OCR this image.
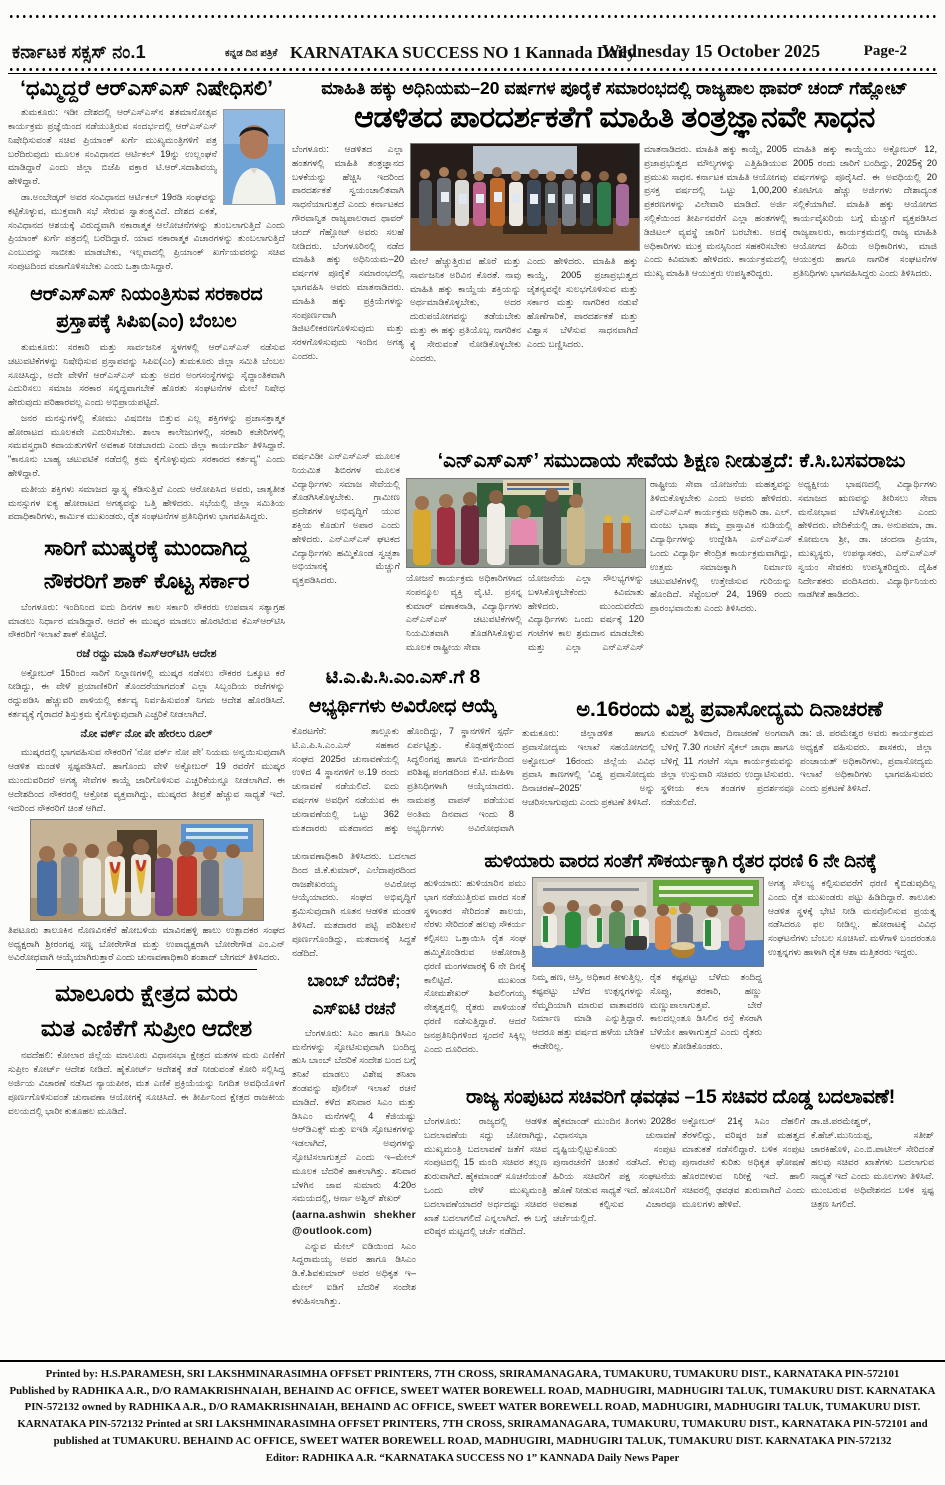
ಕರ್ನಾಟಕ ಸಕ್ಸಸ್ ನಂ.1	ಕನ್ನಡ ದಿನ ಪತ್ರಿಕೆ KARNATAKA SUCCESS NO 1 Kannada Daily
Wednesday 15 October 2025	Page-2
‘ಧಮ್ಮಿದ್ದರೆ ಆರ್‌ಎಸ್‌ಎಸ್ ನಿಷೇಧಿಸಲಿ’

ತುಮಕೂರು: ಇಡೀ ದೇಶದಲ್ಲಿ ಆರ್‌ಎಸ್‌ಎಸ್‌ನ ಶತಮಾನೋತ್ಸವ ಕಾರ್ಯಕ್ರಮ ಪ್ರಜ್ಞೆಯಿಂದ ನಡೆಯುತ್ತಿರುವ ಸಂದರ್ಭದಲ್ಲಿ ಆರ್‌ಎಸ್‌ಎಸ್ ನಿಷೇಧಿಸುವಂತೆ ಸಚಿವ ಪ್ರಿಯಾಂಕ್ ಖರ್ಗೆ ಮುಖ್ಯಮಂತ್ರಿಗಳಿಗೆ ಪತ್ರ ಬರೆದಿರುವುದು ಮೂಲಕ ಸಂವಿಧಾನದ ಆರ್ಟಿಕಲ್ 19ನ್ನು ಉಲ್ಲಂಘನೆ ಮಾಡಿದ್ದಾರೆ ಎಂದು ಜಿಲ್ಲಾ ಬಿಜೆಪಿ ವಕ್ತಾರ ಟಿ.ಆರ್.ಸದಾಶಿವಯ್ಯ ಹೇಳಿದ್ದಾರೆ.

ಡಾ.ಅಂಬೇಡ್ಕರ್ ಅವರ ಸಂವಿಧಾನದ ಆರ್ಟಿಕಲ್ 19ರಡಿ ಸಂಘವನ್ನು ಕಟ್ಟಿಕೊಳ್ಳುವ, ಮುಕ್ತವಾಗಿ ಸಭೆ ಸೇರುವ ಸ್ವಾತಂತ್ರ್ಯವಿದೆ. ದೇಶದ ಏಕತೆ, ಸಂವಿಧಾನದ ಆಶಯಕ್ಕೆ ವಿರುದ್ಧವಾಗಿ ನಕಾರಾತ್ಮಕ ಆಲೋಚನೆಗಳನ್ನು ತುಂಬಲಾಗುತ್ತಿದೆ ಎಂದು ಪ್ರಿಯಾಂಕ್ ಖರ್ಗೆ ಪತ್ರದಲ್ಲಿ ಬರೆದಿದ್ದಾರೆ. ಯಾವ ನಕಾರಾತ್ಮಕ ವಿಚಾರಗಳನ್ನು ತುಂಬಲಾಗುತ್ತಿದೆ ಎಂಬುದನ್ನು ಸಾಬೀತು ಮಾಡಬೇಕು, ಇಲ್ಲವಾದಲ್ಲಿ ಪ್ರಿಯಾಂಕ್ ಖರ್ಗೆಯವರನ್ನು ಸಚಿವ ಸಂಪುಟದಿಂದ ವಜಾಗೊಳಿಸಬೇಕು ಎಂದು ಒತ್ತಾಯಿಸಿದ್ದಾರೆ.

ಆರ್‌ಎಸ್‌ಎಸ್ ನಿಯಂತ್ರಿಸುವ ಸರಕಾರದ
ಪ್ರಸ್ತಾಪಕ್ಕೆ ಸಿಪಿಐ(ಎಂ) ಬೆಂಬಲ

ತುಮಕೂರು: ಸರಕಾರಿ ಮತ್ತು ಸಾರ್ವಜನಿಕ ಸ್ಥಳಗಳಲ್ಲಿ ಆರ್‌ಎಸ್‌ಎಸ್ ನಡೆಸುವ ಚಟುವಟಿಕೆಗಳನ್ನು ನಿಷೇಧಿಸುವ ಪ್ರಸ್ತಾಪವನ್ನು ಸಿಪಿಐ(ಎಂ) ತುಮಕೂರು ಜಿಲ್ಲಾ ಸಮಿತಿ ಬೆಂಬಲ ಸೂಚಿಸಿದ್ದು, ಅದೇ ವೇಳೆಗೆ ಆರ್‌ಎಸ್‌ಎಸ್ ಮತ್ತು ಅದರ ಅಂಗಸಂಸ್ಥೆಗಳನ್ನು ಸೈದ್ಧಾಂತಿಕವಾಗಿ ಎದುರಿಸಲು ಸಮಾಜ ಸರಕಾರ ಸನ್ನದ್ಧವಾಗಬೇಕೆ ಹೊರತು ಸಂಘಟನೆಗಳ ಮೇಲೆ ನಿಷೇಧ ಹೇರುವುದು ಪರಿಹಾರವಲ್ಲ ಎಂದು ಅಭಿಪ್ರಾಯಪಟ್ಟಿದೆ.

ಜನರ ಮನಸ್ಸುಗಳಲ್ಲಿ ಕೋಮು ವಿಷಬೀಜ ಬಿತ್ತುವ ಎಲ್ಲ ಶಕ್ತಿಗಳನ್ನು ಪ್ರಜಾಸತ್ತಾತ್ಮಕ ಹೋರಾಟದ ಮೂಲಕವೇ ಎದುರಿಸಬೇಕು. ಶಾಲಾ ಕಾಲೇಜುಗಳಲ್ಲಿ, ಸರಕಾರಿ ಕಚೇರಿಗಳಲ್ಲಿ ಸಮವಸ್ತ್ರಧಾರಿ ಕವಾಯತುಗಳಿಗೆ ಅವಕಾಶ ನೀಡಬಾರದು ಎಂದು ಜಿಲ್ಲಾ ಕಾರ್ಯದರ್ಶಿ ತಿಳಿಸಿದ್ದಾರೆ. "ಕಾನೂನು ಬಾಹ್ಯ ಚಟುವಟಿಕೆ ನಡೆದಲ್ಲಿ ಕ್ರಮ ಕೈಗೊಳ್ಳುವುದು ಸರಕಾರದ ಕರ್ತವ್ಯ" ಎಂದು ಹೇಳಿದ್ದಾರೆ.

ಮತೀಯ ಶಕ್ತಿಗಳು ಸಮಾಜದ ಸ್ವಾಸ್ಥ್ಯ ಕೆಡಿಸುತ್ತಿವೆ ಎಂದು ಆರೋಪಿಸಿದ ಅವರು, ಜಾತ್ಯತೀತ ಮನಸ್ಸುಗಳ ಐಕ್ಯ ಹೋರಾಟದ ಅಗತ್ಯವನ್ನು ಒತ್ತಿ ಹೇಳಿದರು. ಸಭೆಯಲ್ಲಿ ಜಿಲ್ಲಾ ಸಮಿತಿಯ ಪದಾಧಿಕಾರಿಗಳು, ಕಾರ್ಮಿಕ ಮುಖಂಡರು, ರೈತ ಸಂಘಟನೆಗಳ ಪ್ರತಿನಿಧಿಗಳು ಭಾಗವಹಿಸಿದ್ದರು.

ಸಾರಿಗೆ ಮುಷ್ಕರಕ್ಕೆ ಮುಂದಾಗಿದ್ದ
ನೌಕರರಿಗೆ ಶಾಕ್ ಕೊಟ್ಟ ಸರ್ಕಾರ

ಬೆಂಗಳೂರು: ಇಂದಿನಿಂದ ಐದು ದಿನಗಳ ಕಾಲ ಸರ್ಕಾರಿ ನೌಕರರು ಉಪವಾಸ ಸತ್ಯಾಗ್ರಹ ಮಾಡಲು ನಿರ್ಧಾರ ಮಾಡಿದ್ದಾರೆ. ಆದರೆ ಈ ಮುಷ್ಕರ ಮಾಡಲು ಹೊರಟಿರುವ ಕೆಎಸ್‌ಆರ್‌ಟಿಸಿ ನೌಕರರಿಗೆ ಇಲಾಖೆ ಶಾಕ್ ಕೊಟ್ಟಿದೆ.

ರಜೆ ರದ್ದು ಮಾಡಿ ಕೆಎಸ್‌ಆರ್‌ಟಿಸಿ ಆದೇಶ

ಅಕ್ಟೋಬರ್ 15ರಿಂದ ಸಾರಿಗೆ ನಿಲ್ದಾಣಗಳಲ್ಲಿ ಮುಷ್ಕರ ನಡೆಸಲು ನೌಕರರ ಒಕ್ಕೂಟ ಕರೆ ನೀಡಿದ್ದು, ಈ ವೇಳೆ ಪ್ರಯಾಣಿಕರಿಗೆ ತೊಂದರೆಯಾಗದಂತೆ ಎಲ್ಲಾ ಸಿಬ್ಬಂದಿಯ ರಜೆಗಳನ್ನು ರದ್ದುಪಡಿಸಿ ಹೆಚ್ಚುವರಿ ಪಾಳಿಯಲ್ಲಿ ಕರ್ತವ್ಯ ನಿರ್ವಹಿಸುವಂತೆ ನಿಗಮ ಆದೇಶ ಹೊರಡಿಸಿದೆ. ಕರ್ತವ್ಯಕ್ಕೆ ಗೈರಾದರೆ ಶಿಸ್ತುಕ್ರಮ ಕೈಗೊಳ್ಳುವುದಾಗಿ ಎಚ್ಚರಿಕೆ ನೀಡಲಾಗಿದೆ.

ನೋ ವರ್ಕ್ ನೋ ಪೇ ಹೇರಲು ರೂಲ್

ಮುಷ್ಕರದಲ್ಲಿ ಭಾಗವಹಿಸುವ ನೌಕರರಿಗೆ ‘ನೋ ವರ್ಕ್ ನೋ ಪೇ’ ನಿಯಮ ಅನ್ವಯಿಸುವುದಾಗಿ ಆಡಳಿತ ಮಂಡಳಿ ಸ್ಪಷ್ಟಪಡಿಸಿದೆ. ಹಾಗೊಂದು ವೇಳೆ ಅಕ್ಟೋಬರ್ 19 ರವರೆಗೆ ಮುಷ್ಕರ ಮುಂದುವರಿದರೆ ಅಗತ್ಯ ಸೇವೆಗಳ ಕಾಯ್ದೆ ಜಾರಿಗೊಳಿಸುವ ಎಚ್ಚರಿಕೆಯನ್ನೂ ನೀಡಲಾಗಿದೆ. ಈ ಆದೇಶದಿಂದ ನೌಕರರಲ್ಲಿ ಆಕ್ರೋಶ ವ್ಯಕ್ತವಾಗಿದ್ದು, ಮುಷ್ಕರದ ತೀವ್ರತೆ ಹೆಚ್ಚುವ ಸಾಧ್ಯತೆ ಇದೆ. ಇದರಿಂದ ನೌಕರರಿಗೆ ಚಿಂತೆ ಆಗಿದೆ.

ತಿಪಟೂರು ತಾಲೂಕಿನ ನೊಣವಿನಕೆರೆ ಹೋಬಳಿಯ ಮಾವಿನಹಳ್ಳಿ ಹಾಲು ಉತ್ಪಾದಕರ ಸಂಘದ ಅಧ್ಯಕ್ಷರಾಗಿ ಶ್ರೀರಂಗಪ್ಪ ಸಣ್ಣ ಬೋರೇಗೌಡ ಮತ್ತು ಉಪಾಧ್ಯಕ್ಷರಾಗಿ ಬೋರೇಗೌಡ ಎಂ.ಎನ್ ಅವಿರೋಧ‌ವಾಗಿ ಆಯ್ಕೆಯಾಗಿರುತ್ತಾರೆ ಎಂದು ಚುನಾವಣಾಧಿಕಾರಿ ಶಂಶಾದ್ ಬೇಗಮ್ ತಿಳಿಸಿದರು.
ಮಾಲೂರು ಕ್ಷೇತ್ರದ ಮರು
ಮತ ಎಣಿಕೆಗೆ ಸುಪ್ರೀಂ ಆದೇಶ

ನವದೆಹಲಿ: ಕೋಲಾರ ಜಿಲ್ಲೆಯ ಮಾಲೂರು ವಿಧಾನಸಭಾ ಕ್ಷೇತ್ರದ ಮತಗಳ ಮರು ಎಣಿಕೆಗೆ ಸುಪ್ರೀಂ ಕೋರ್ಟ್ ಆದೇಶ ನೀಡಿದೆ. ಹೈಕೋರ್ಟ್ ಆದೇಶಕ್ಕೆ ತಡೆ ನೀಡುವಂತೆ ಕೋರಿ ಸಲ್ಲಿಸಿದ್ದ ಅರ್ಜಿಯ ವಿಚಾರಣೆ ನಡೆಸಿದ ನ್ಯಾಯಪೀಠ, ಮತ ಎಣಿಕೆ ಪ್ರಕ್ರಿಯೆಯನ್ನು ನಿಗದಿತ ಅವಧಿಯೊಳಗೆ ಪೂರ್ಣಗೊಳಿಸುವಂತೆ ಚುನಾವಣಾ ಆಯೋಗಕ್ಕೆ ಸೂಚಿಸಿದೆ. ಈ ತೀರ್ಪಿನಿಂದ ಕ್ಷೇತ್ರದ ರಾಜಕೀಯ ವಲಯದಲ್ಲಿ ಭಾರೀ ಕುತೂಹಲ ಮೂಡಿದೆ.

ಮಾಹಿತಿ ಹಕ್ಕು ಅಧಿನಿಯಮ–20 ವರ್ಷಗಳ ಪೂರೈಕೆ ಸಮಾರಂಭದಲ್ಲಿ ರಾಜ್ಯಪಾಲ ಥಾವರ್ ಚಂದ್ ಗೆಹ್ಲೋಟ್
ಆಡಳಿತದ ಪಾರದರ್ಶಕತೆಗೆ ಮಾಹಿತಿ ತಂತ್ರಜ್ಞಾನವೇ ಸಾಧನ
ಬೆಂಗಳೂರು: ಆಡಳಿತದ ಎಲ್ಲಾ ಹಂತಗಳಲ್ಲಿ ಮಾಹಿತಿ ತಂತ್ರಜ್ಞಾನದ ಬಳಕೆಯನ್ನು ಹೆಚ್ಚಿಸಿ ಇದರಿಂದ ಪಾರದರ್ಶಕತೆ ಸ್ವಯಂಚಾಲಿತವಾಗಿ ಸಾಧನೆಯಾಗುತ್ತದೆ ಎಂದು ಕರ್ನಾಟಕದ ಗೌರವಾನ್ವಿತ ರಾಜ್ಯಪಾಲರಾದ ಥಾವರ್ ಚಂದ್ ಗೆಹ್ಲೋಟ್ ಅವರು ಸಲಹೆ ನೀಡಿದರು. ಬೆಂಗಳೂರಿನಲ್ಲಿ ನಡೆದ ಮಾಹಿತಿ ಹಕ್ಕು ಅಧಿನಿಯಮ–20 ವರ್ಷಗಳ ಪೂರೈಕೆ ಸಮಾರಂಭದಲ್ಲಿ ಭಾಗವಹಿಸಿ ಅವರು ಮಾತನಾಡಿದರು. ಮಾಹಿತಿ ಹಕ್ಕು ಪ್ರಕ್ರಿಯೆಗಳನ್ನು ಸಂಪೂರ್ಣವಾಗಿ ಡಿಜಿಟಲೀಕರಣಗೊಳಿಸುವುದು ಮತ್ತು ಸರಳಗೊಳಿಸುವುದು ಇಂದಿನ ಅಗತ್ಯ ಎಂದರು.
ಮೇಲೆ ಹೆಚ್ಚುತ್ತಿರುವ ಹೊರೆ ಮತ್ತು ಸಾರ್ವಜನಿಕ ಅರಿವಿನ ಕೊರತೆ. ನಾವು ಮಾಹಿತಿ ಹಕ್ಕು ಕಾಯ್ದೆಯ ಶಕ್ತಿಯನ್ನು ಅರ್ಥಮಾಡಿಕೊಳ್ಳಬೇಕು, ಅದರ ದುರುಪಯೋಗವನ್ನು ತಡೆಯಬೇಕು ಮತ್ತು ಈ ಹಕ್ಕು ಪ್ರತಿಯೊಬ್ಬ ನಾಗರಿಕನ ಕೈ ಸೇರುವಂತೆ ನೋಡಿಕೊಳ್ಳಬೇಕು ಎಂದರು.
ಎಂದು ಹೇಳಿದರು. ಮಾಹಿತಿ ಹಕ್ಕು ಕಾಯ್ದೆ, 2005 ಪ್ರಜಾಪ್ರಭುತ್ವದ ಚೈತನ್ಯವನ್ನೇ ಸುಲಭಗೊಳಿಸುವ ಮತ್ತು ಸರ್ಕಾರ ಮತ್ತು ನಾಗರಿಕರ ನಡುವೆ ಹೊಣೆಗಾರಿಕೆ, ಪಾರದರ್ಶಕತೆ ಮತ್ತು ವಿಶ್ವಾಸ ಬೆಳೆಸುವ ಸಾಧನವಾಗಿದೆ ಎಂದು ಬಣ್ಣಿಸಿದರು.
ಮಾತನಾಡಿದರು. ಮಾಹಿತಿ ಹಕ್ಕು ಕಾಯ್ದೆ, 2005 ಪ್ರಜಾಪ್ರಭುತ್ವದ ಮೌಲ್ಯಗಳನ್ನು ಎತ್ತಿಹಿಡಿಯುವ ಪ್ರಮುಖ ಸಾಧನ. ಕರ್ನಾಟಕ ಮಾಹಿತಿ ಆಯೋಗವು ಪ್ರಸಕ್ತ ವರ್ಷದಲ್ಲಿ ಒಟ್ಟು 1,00,200 ಪ್ರಕರಣಗಳನ್ನು ವಿಲೇವಾರಿ ಮಾಡಿದೆ. ಅರ್ಜಿ ಸಲ್ಲಿಕೆಯಿಂದ ತೀರ್ಪಿನವರೆಗೆ ಎಲ್ಲಾ ಹಂತಗಳಲ್ಲಿ ಡಿಜಿಟಲ್ ವ್ಯವಸ್ಥೆ ಜಾರಿಗೆ ಬರಬೇಕು. ಅದಕ್ಕೆ ಅಧಿಕಾರಿಗಳು ಮುಕ್ತ ಮನಸ್ಸಿನಿಂದ ಸಹಕರಿಸಬೇಕು ಎಂದು ಕಿವಿಮಾತು ಹೇಳಿದರು. ಕಾರ್ಯಕ್ರಮದಲ್ಲಿ ಮುಖ್ಯ ಮಾಹಿತಿ ಆಯುಕ್ತರು ಉಪಸ್ಥಿತರಿದ್ದರು.
ಮಾಹಿತಿ ಹಕ್ಕು ಕಾಯ್ದೆಯು ಅಕ್ಟೋಬರ್ 12, 2005 ರಂದು ಜಾರಿಗೆ ಬಂದಿದ್ದು, 2025ಕ್ಕೆ 20 ವರ್ಷಗಳನ್ನು ಪೂರೈಸಿದೆ. ಈ ಅವಧಿಯಲ್ಲಿ 20 ಕೋಟಿಗೂ ಹೆಚ್ಚು ಅರ್ಜಿಗಳು ದೇಶಾದ್ಯಂತ ಸಲ್ಲಿಕೆಯಾಗಿವೆ. ಮಾಹಿತಿ ಹಕ್ಕು ಆಯೋಗದ ಕಾರ್ಯವೈಖರಿಯ ಬಗ್ಗೆ ಮೆಚ್ಚುಗೆ ವ್ಯಕ್ತಪಡಿಸಿದ ರಾಜ್ಯಪಾಲರು, ಕಾರ್ಯಕ್ರಮದಲ್ಲಿ ರಾಜ್ಯ ಮಾಹಿತಿ ಆಯೋಗದ ಹಿರಿಯ ಅಧಿಕಾರಿಗಳು, ಮಾಜಿ ಆಯುಕ್ತರು ಹಾಗೂ ನಾಗರಿಕ ಸಂಘಟನೆಗಳ ಪ್ರತಿನಿಧಿಗಳು ಭಾಗವಹಿಸಿದ್ದರು ಎಂದು ತಿಳಿಸಿದರು.
ವರ್ಷವಿಡೀ ಎನ್‌ಎಸ್‌ಎಸ್ ಮೂಲಕ ನಿಯಮಿತ ಶಿಬಿರಗಳ ಮೂಲಕ ವಿದ್ಯಾರ್ಥಿಗಳು ಸಮಾಜ ಸೇವೆಯಲ್ಲಿ ತೊಡಗಿಸಿಕೊಳ್ಳಬೇಕು. ಗ್ರಾಮೀಣ ಪ್ರದೇಶಗಳ ಅಭಿವೃದ್ಧಿಗೆ ಯುವ ಶಕ್ತಿಯ ಕೊಡುಗೆ ಅಪಾರ ಎಂದು ಹೇಳಿದರು. ಎನ್‌ಎಸ್‌ಎಸ್ ಘಟಕದ ವಿದ್ಯಾರ್ಥಿಗಳು ಹಮ್ಮಿಕೊಂಡ ಸ್ವಚ್ಛತಾ ಅಭಿಯಾನಕ್ಕೆ ಮೆಚ್ಚುಗೆ ವ್ಯಕ್ತಪಡಿಸಿದರು.
‘ಎನ್‌ಎಸ್‌ಎಸ್’ ಸಮುದಾಯ ಸೇವೆಯ ಶಿಕ್ಷಣ ನೀಡುತ್ತದೆ: ಕೆ.ಸಿ.ಬಸವರಾಜು
ಯೋಜನೆ ಕಾರ್ಯಕ್ರಮ ಅಧಿಕಾರಿಗಳಾದ ಸಂಪನ್ಮೂಲ ವ್ಯಕ್ತಿ ವೈ.ಟಿ. ಪ್ರಸನ್ನ ಕುಮಾರ್ ವಣಾಕನಾಡಿ, ವಿದ್ಯಾರ್ಥಿಗಳು ಎನ್‌ಎಸ್‌ಎಸ್ ಚಟುವಟಿಕೆಗಳಲ್ಲಿ ನಿಯಮಿತವಾಗಿ ತೊಡಗಿಸಿಕೊಳ್ಳುವ ಮೂಲಕ ರಾಷ್ಟ್ರೀಯ ಸೇವಾ
ಯೋಜನೆಯ ಎಲ್ಲಾ ಸೌಲಭ್ಯಗಳನ್ನು ಬಳಸಿಕೊಳ್ಳಬೇಕೆಂದು ಕಿವಿಮಾತು ಹೇಳಿದರು. ಮುಂದುವರೆದು ವಿದ್ಯಾರ್ಥಿಗಳು ಒಂದು ವರ್ಷಕ್ಕೆ 120 ಗಂಟೆಗಳ ಕಾಲ ಶ್ರಮದಾನ ಮಾಡಬೇಕು ಮತ್ತು ಎಲ್ಲಾ ಎನ್‌ಎಸ್‌ಎಸ್
ರಾಷ್ಟ್ರೀಯ ಸೇವಾ ಯೋಜನೆಯ ಮಹತ್ವವನ್ನು ತಿಳಿದುಕೊಳ್ಳಬೇಕು ಎಂದು ಅವರು ಹೇಳಿದರು. ಎನ್‌ಎಸ್‌ಎಸ್ ಕಾರ್ಯಕ್ರಮ ಅಧಿಕಾರಿ ಡಾ. ಎಲ್. ಮಂಜು ಭಾಷಾ ತಮ್ಮ ಪ್ರಾಸ್ತಾವಿಕ ನುಡಿಯಲ್ಲಿ ವಿದ್ಯಾರ್ಥಿಗಳನ್ನು ಉದ್ದೇಶಿಸಿ ಎನ್‌ಎಸ್‌ಎಸ್ ಒಂದು ವಿದ್ಯಾರ್ಥಿ ಕೇಂದ್ರಿತ ಕಾರ್ಯಕ್ರಮವಾಗಿದ್ದು, ಉತ್ತಮ ಸಮಾಜಕ್ಕಾಗಿ ನಿರ್ಮಾಣ ಚಟುವಟಿಕೆಗಳಲ್ಲಿ ಉತ್ತೇಜಿಸುವ ಗುರಿಯನ್ನು ಹೊಂದಿದೆ. ಸೆಪ್ಟೆಂಬರ್ 24, 1969 ರಂದು ಪ್ರಾರಂಭವಾಯಿತು ಎಂದು ತಿಳಿಸಿದರು.
ಅಧ್ಯಕ್ಷೀಯ ಭಾಷಣದಲ್ಲಿ ವಿದ್ಯಾರ್ಥಿಗಳು ಸಮಾಜದ ಋಣವನ್ನು ತೀರಿಸಲು ಸೇವಾ ಮನೋಭಾವ ಬೆಳೆಸಿಕೊಳ್ಳಬೇಕು ಎಂದು ಹೇಳಿದರು. ವೇದಿಕೆಯಲ್ಲಿ ಡಾ. ಅನುಪಮಾ, ಡಾ. ಕೋಮಲಾ ಶ್ರೀ, ಡಾ. ಚಂದನಾ ಪ್ರಿಯಾ, ಮುಖ್ಯಸ್ಥರು, ಉಪನ್ಯಾಸಕರು, ಎನ್‌ಎಸ್‌ಎಸ್ ಸ್ವಯಂ ಸೇವಕರು ಉಪಸ್ಥಿತರಿದ್ದರು. ದೈಹಿಕ ನಿರ್ದೇಶಕರು ವಂದಿಸಿದರು. ವಿದ್ಯಾರ್ಥಿನಿಯರು ನಾಡಗೀತೆ ಹಾಡಿದರು.
ಟಿ.ಎ.ಪಿ.ಸಿ.ಎಂ.ಎಸ್.ಗೆ 8
ಆಭ್ಯರ್ಥಿಗಳು ಅವಿರೋಧ ಆಯ್ಕೆ
ಕೊರಟಗೆರೆ: ತಾಲ್ಲೂಕು ಟಿ.ಎ.ಪಿ.ಸಿ.ಎಂ.ಎಸ್ ಸಹಕಾರ ಸಂಘದ 2025ರ ಚುನಾವಣೆಯಲ್ಲಿ ಉಳಿದ 4 ಸ್ಥಾನಗಳಿಗೆ ಅ.19 ರಂದು ಚುನಾವಣೆ ನಡೆಯಲಿದೆ. ಐದು ವರ್ಷಗಳ ಅವಧಿಗೆ ನಡೆಯುವ ಈ ಚುನಾವಣೆಯಲ್ಲಿ ಒಟ್ಟು 362 ಮತದಾರರು ಮತದಾನದ ಹಕ್ಕು ಹೊಂದಿದ್ದು, 7 ಸ್ಥಾನಗಳಿಗೆ ಸ್ಪರ್ಧೆ ಏರ್ಪಟ್ಟಿತ್ತು. ಕೊಡ್ಲಹಳ್ಳಿಯಿಂದ ಸಿದ್ಧಲಿಂಗಪ್ಪ ಹಾಗೂ ಬಿ-ವರ್ಗದಿಂದ ಪರಿಶಿಷ್ಟ ಪಂಗಡದಿಂದ ಕೆ.ಟಿ. ಮಹಿಳಾ ಪ್ರತಿನಿಧಿಗಳಾಗಿ ಆಯ್ಕೆಯಾದರು. ನಾಮಪತ್ರ ವಾಪಸ್ ಪಡೆಯುವ ಅಂತಿಮ ದಿನವಾದ ಇಂದು 8 ಅಭ್ಯರ್ಥಿಗಳು ಅವಿರೋಧವಾಗಿ
ಅ.16ರಂದು ವಿಶ್ವ ಪ್ರವಾಸೋದ್ಯಮ ದಿನಾಚರಣೆ
ತುಮಕೂರು: ಜಿಲ್ಲಾಡಳಿತ ಹಾಗೂ ಪ್ರವಾಸೋದ್ಯಮ ಇಲಾಖೆ ಸಹಯೋಗದಲ್ಲಿ ಅಕ್ಟೋಬರ್ 16ರಂದು ಜಿಲ್ಲೆಯ ವಿವಿಧ ಪ್ರವಾಸಿ ತಾಣಗಳಲ್ಲಿ ‘ವಿಶ್ವ ಪ್ರವಾಸೋದ್ಯಮ ದಿನಾಚರಣೆ–2025’ ಅನ್ನು ಆಚರಿಸಲಾಗುವುದು ಎಂದು ಪ್ರಕಟಣೆ ತಿಳಿಸಿದೆ.
ಕುಮಾರ್ ಶಿಳಿದಾರೆ, ದಿನಾಚರಣೆ ಅಂಗವಾಗಿ ಬೆಳಿಗ್ಗೆ 7.30 ಗಂಟೆಗೆ ಸೈಕಲ್ ಜಾಥಾ ಹಾಗೂ ಬೆಳಿಗ್ಗೆ 11 ಗಂಟೆಗೆ ಸಭಾ ಕಾರ್ಯಕ್ರಮವನ್ನು ಜಿಲ್ಲಾ ಉಸ್ತುವಾರಿ ಸಚಿವರು ಉದ್ಘಾಟಿಸುವರು. ಸ್ಥಳೀಯ ಕಲಾ ತಂಡಗಳ ಪ್ರದರ್ಶನವೂ ನಡೆಯಲಿದೆ.
ಡಾ: ಜಿ. ಪರಮೇಶ್ವರ ಅವರು ಕಾರ್ಯಕ್ರಮದ ಅಧ್ಯಕ್ಷತೆ ವಹಿಸುವರು. ಶಾಸಕರು, ಜಿಲ್ಲಾ ಪಂಚಾಯತ್ ಅಧಿಕಾರಿಗಳು, ಪ್ರವಾಸೋದ್ಯಮ ಇಲಾಖೆ ಅಧಿಕಾರಿಗಳು ಭಾಗವಹಿಸುವರು ಎಂದು ಪ್ರಕಟಣೆ ತಿಳಿಸಿದೆ.
ಚುನಾವಣಾಧಿಕಾರಿ ತಿಳಿಸಿದರು. ಬದಲಾದ ದಿಂದ ಜಿ.ಕೆ.ಕುಮಾರ್, ಎಲೆದಾಪುರದಿಂದ ರಾಜಶೇಖರಯ್ಯ ಅವಿರೋಧ ಆಯ್ಕೆಯಾದರು. ಸಂಘದ ಅಭಿವೃದ್ಧಿಗೆ ಶ್ರಮಿಸುವುದಾಗಿ ನೂತನ ಆಡಳಿತ ಮಂಡಳಿ ತಿಳಿಸಿದೆ. ಮತದಾರರ ಪಟ್ಟಿ ಪರಿಶೀಲನೆ ಪೂರ್ಣಗೊಂಡಿದ್ದು, ಮತದಾನಕ್ಕೆ ಸಿದ್ಧತೆ ನಡೆದಿದೆ.
ಬಾಂಬ್ ಬೆದರಿಕೆ;
ಎಸ್‌ಐಟಿ ರಚನೆ

ಬೆಂಗಳೂರು: ಸಿಎಂ ಹಾಗೂ ಡಿಸಿಎಂ ಮನೆಗಳನ್ನು ಸ್ಫೋಟಿಸುವುದಾಗಿ ಬಂದಿದ್ದ ಹುಸಿ ಬಾಂಬ್ ಬೆದರಿಕೆ ಸಂದೇಶ ಬಂದ ಬಗ್ಗೆ ತನಿಖೆ ಮಾಡಲು ವಿಶೇಷ ತನಿಖಾ ತಂಡವನ್ನು ಪೊಲೀಸ್ ಇಲಾಖೆ ರಚನೆ ಮಾಡಿದೆ. ಕಳೆದ ಶನಿವಾರ ಸಿಎಂ ಮತ್ತು ಡಿಸಿಎಂ ಮನೆಗಳಲ್ಲಿ 4 ಕೆಜಿಯಷ್ಟು ಆರ್‌ಡಿಎಕ್ಸ್ ಮತ್ತು ಐಇಡಿ ಸ್ಫೋಟಕಗಳನ್ನು ಇಡಲಾಗಿದೆ, ಅವುಗಳನ್ನು ಸ್ಫೋಟಿಸಲಾಗುತ್ತದೆ ಎಂದು ಇ–ಮೇಲ್ ಮೂಲಕ ಬೆದರಿಕೆ ಹಾಕಲಾಗಿತ್ತು. ಶನಿವಾರ ಬೆಳಗಿನ ಜಾವ ಸುಮಾರು 4:20ರ ಸಮಯದಲ್ಲಿ, ಆರ್ನಾ ಅಶ್ವಿನ್ ಶೇಖರ್

(aarna.ashwin shekher@outlook.com)

ಎನ್ನುವ ಮೇಲ್ ಐಡಿಯಿಂದ ಸಿಎಂ ಸಿದ್ದರಾಮಯ್ಯ ಅವರ ಹಾಗೂ ಡಿಸಿಎಂ ಡಿ.ಕೆ.ಶಿವಕುಮಾರ್ ಅವರ ಅಧಿಕೃತ ಇ–ಮೇಲ್ ಐಡಿಗೆ ಬೆದರಿಕೆ ಸಂದೇಶ ಕಳುಹಿಸಲಾಗಿತ್ತು.

ಹುಳಿಯಾರು ವಾರದ ಸಂತೆಗೆ ಸೌಕರ್ಯಕ್ಕಾಗಿ ರೈತರ ಧರಣಿ 6 ನೇ ದಿನಕ್ಕೆ
ಹುಳಿಯಾರು: ಹುಳಿಯಾರಿನ ಪಮು ಭಾಗ ನಡೆಯುತ್ತಿರುವ ವಾರದ ಸಂತೆ ಸ್ಥಳಾಂತರ ಸೇರಿದಂತೆ ಶಾಲಯ, ನೆರಳು ಸೇರಿದಂತೆ ಹಲವು ಸೌಕರ್ಯ ಕಲ್ಪಿಸಲು ಒತ್ತಾಯಿಸಿ ರೈತ ಸಂಘ ಹಮ್ಮಿಕೊಂಡಿರುವ ಅಹೋರಾತ್ರಿ ಧರಣಿ ಮಂಗಳವಾರಕ್ಕೆ 6 ನೇ ದಿನಕ್ಕೆ ಕಾಲಿಟ್ಟಿದೆ. ಮುಖಂಡ ಸೋಮಶೇಖರ್ ಶಿವಲಿಂಗಯ್ಯ ನೇತೃತ್ವದಲ್ಲಿ ರೈತರು ಪಾಳಿಯಂತೆ ಧರಣಿ ನಡೆಸುತ್ತಿದ್ದಾರೆ. ಆದರೆ ಜನಪ್ರತಿನಿಧಿಗಳಿಂದ ಸ್ಪಂದನೆ ಸಿಕ್ಕಿಲ್ಲ ಎಂದು ದೂರಿದರು.
ನಿಮ್ಮ ಹಣ, ಆಸ್ತಿ, ಅಧಿಕಾರ ಕೀಳುತ್ತಿಲ್ಲ. ಕಷ್ಟಪಟ್ಟು ಬೆಳೆದ ಉತ್ಪನ್ನಗಳನ್ನು ನೆಮ್ಮದಿಯಾಗಿ ಮಾರುವ ವಾತಾವರಣ ನಿರ್ಮಾಣ ಮಾಡಿ ಎನ್ನುತ್ತಿದ್ದಾರೆ. ಆದರೂ ಹತ್ತು ವರ್ಷದ ಹಳೆಯ ಬೇಡಿಕೆ ಈಡೇರಿಲ್ಲ.
ರೈತ ಕಷ್ಟಪಟ್ಟು ಬೆಳೆದು ತಂದಿದ್ದ ಸೊಪ್ಪು, ತರಕಾರಿ, ಹಣ್ಣು ಮಣ್ಣುಪಾಲಾಗುತ್ತವೆ. ಬೇರೆ ಕಾಲದಲ್ಲಂತೂ ಡಿಸಿಲಿನ ರಸ್ತೆ ಕೆಸರಾಗಿ ಬೆಳೆಯೇ ಹಾಳಾಗುತ್ತದೆ ಎಂದು ರೈತರು ಅಳಲು ತೋಡಿಕೊಂಡರು.
ಅಗತ್ಯ ಸೌಲಭ್ಯ ಕಲ್ಪಿಸುವವರೆಗೆ ಧರಣಿ ಕೈಬಿಡುವುದಿಲ್ಲ ಎಂದು ರೈತ ಮುಖಂಡರು ಪಟ್ಟು ಹಿಡಿದಿದ್ದಾರೆ. ತಾಲೂಕು ಆಡಳಿತ ಸ್ಥಳಕ್ಕೆ ಭೇಟಿ ನೀಡಿ ಮನವೊಲಿಸುವ ಪ್ರಯತ್ನ ನಡೆಸಿದರೂ ಫಲ ನೀಡಿಲ್ಲ. ಹೋರಾಟಕ್ಕೆ ವಿವಿಧ ಸಂಘಟನೆಗಳು ಬೆಂಬಲ ಸೂಚಿಸಿವೆ. ಮಳೆಗಾಳಿ ಬಂದರಂತೂ ಉತ್ಪನ್ನಗಳು ಹಾಳಾಗಿ ರೈತ ಆಶಾ ಮತ್ತಿತರರು ಇದ್ದರು.
ರಾಜ್ಯ ಸಂಪುಟದ ಸಚಿವರಿಗೆ ಢವಢವ –15 ಸಚಿವರ ದೊಡ್ಡ ಬದಲಾವಣೆ!
ಬೆಂಗಳೂರು: ರಾಜ್ಯದಲ್ಲಿ ಆಡಳಿತ ಬದಲಾವಣೆಯ ಸದ್ದು ಜೋರಾಗಿದ್ದು, ಮುಖ್ಯಮಂತ್ರಿ ಬದಲಾವಣೆ ಜತೆಗೆ ಸಚಿವ ಸಂಪುಟದಲ್ಲಿ 15 ಮಂದಿ ಸಚಿವರ ತಲ್ಲಣ ಶುರುವಾಗಿದೆ. ಹೈಕಮಾಂಡ್ ಸೂಚನೆಯಂತೆ ಒಂದು ವೇಳೆ ಮುಖ್ಯಮಂತ್ರಿ ಬದಲಾವಣೆಯಾದರೆ ಅರ್ಧದಷ್ಟು ಸಚಿವರ ಖಾತೆ ಬದಲಾಗಲಿದೆ ಎನ್ನಲಾಗಿದೆ. ಈ ಬಗ್ಗೆ ವರಿಷ್ಠರ ಮಟ್ಟದಲ್ಲಿ ಚರ್ಚೆ ನಡೆದಿದೆ.
ಹೈಕಮಾಂಡ್ ಮುಂದಿನ ತಿಂಗಳು 2028ರ ವಿಧಾನಸಭಾ ಚುನಾವಣೆ ದೃಷ್ಟಿಯಲ್ಲಿಟ್ಟುಕೊಂಡು ಸಂಪುಟ ಪುನಾರಚನೆಗೆ ಚಿಂತನೆ ನಡೆಸಿದೆ. ಕೆಲವು ಹಿರಿಯ ಸಚಿವರಿಗೆ ಪಕ್ಷ ಸಂಘಟನೆಯ ಹೊಣೆ ನೀಡುವ ಸಾಧ್ಯತೆ ಇದೆ. ಹೊಸಬರಿಗೆ ಅವಕಾಶ ಕಲ್ಪಿಸುವ ವಿಚಾರವೂ ಚರ್ಚೆಯಲ್ಲಿದೆ.
ಅಕ್ಟೋಬರ್ 21ಕ್ಕೆ ಸಿಎಂ ದೆಹಲಿಗೆ ತೆರಳಲಿದ್ದು, ವರಿಷ್ಠರ ಜತೆ ಮಹತ್ವದ ಮಾತುಕತೆ ನಡೆಸಲಿದ್ದಾರೆ. ಬಳಿಕ ಸಂಪುಟ ಪುನಾರಚನೆ ಕುರಿತು ಅಧಿಕೃತ ಘೋಷಣೆ ಹೊರಬೀಳುವ ನಿರೀಕ್ಷೆ ಇದೆ. ಹಾಲಿ ಸಚಿವರಲ್ಲಿ ಢವಢವ ಶುರುವಾಗಿದೆ ಎಂದು ಮೂಲಗಳು ಹೇಳಿವೆ.
ಡಾ.ಜಿ.ಪರಮೇಶ್ವರ್, ಕೆ.ಹೆಚ್.ಮುನಿಯಪ್ಪ, ಸತೀಶ್ ಜಾರಕಿಹೊಳಿ, ಎಂ.ಬಿ.ಪಾಟೀಲ್ ಸೇರಿದಂತೆ ಹಲವು ಸಚಿವರ ಖಾತೆಗಳು ಬದಲಾಗುವ ಸಾಧ್ಯತೆ ಇದೆ ಎಂದು ಮೂಲಗಳು ತಿಳಿಸಿವೆ. ಮುಂಬರುವ ಅಧಿವೇಶನದ ಬಳಿಕ ಸ್ಪಷ್ಟ ಚಿತ್ರಣ ಸಿಗಲಿದೆ.
Printed by: H.S.PARAMESH, SRI LAKSHMINARASIMHA OFFSET PRINTERS, 7TH CROSS, SRIRAMANAGARA, TUMAKURU, TUMAKURU DIST., KARNATAKA PIN-572101
Published by RADHIKA A.R., D/O RAMAKRISHNAIAH, BEHAIND AC OFFICE, SWEET WATER BOREWELL ROAD, MADHUGIRI, MADHUGIRI TALUK, TUMAKURU DIST. KARNATAKA
PIN-572132 owned by RADHIKA A.R., D/O RAMAKRISHNAIAH, BEHAIND AC OFFICE, SWEET WATER BOREWELL ROAD, MADHUGIRI, MADHUGIRI TALUK, TUMAKURU DIST.
KARNATAKA PIN-572132 Printed at SRI LAKSHMINARASIMHA OFFSET PRINTERS, 7TH CROSS, SRIRAMANAGARA, TUMAKURU, TUMAKURU DIST., KARNATAKA PIN-572101 and
published at TUMAKURU. BEHAIND AC OFFICE, SWEET WATER BOREWELL ROAD, MADHUGIRI, MADHUGIRI TALUK, TUMAKURU DIST. KARNATAKA PIN-572132
Editor: RADHIKA A.R. “KARNATAKA SUCCESS NO 1” KANNADA Daily News Paper
